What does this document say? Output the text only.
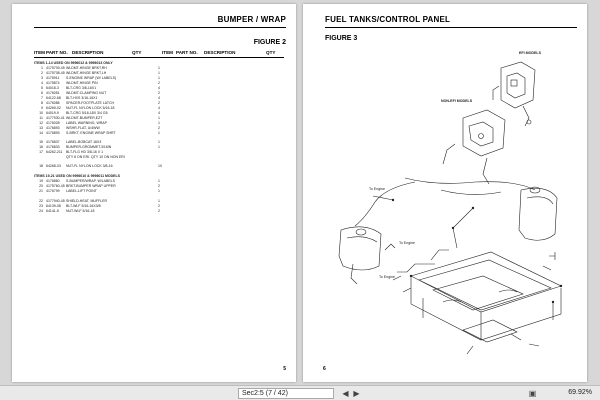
BUMPER / WRAP
FIGURE 2
ITEM PART NO. DESCRIPTION	QTY	ITEM PART NO. DESCRIPTION	QTY
ITEMS 1-14 USED ON 9996012 & 9996013 ONLY
1 4175709-45 WLDMT-HINGE BRKT,RH	1
2 4175708-45 WLDMT-HINGE BRKT,LH	1
3 4175911 S-ENGINE WRAP (W/ LABELS)	1
4 4175874 WLDMT-HINGE PIN	2
5 64018-3 BLT-CRG 3/8-16X1	4
6 4176051 WLDMT-CLAMPING NUT	2
7 64122-68 BLT-HXS 3/16-16X1	4
8 4176086 SPACER-FOOTPLATE LATCH	2
9 64269-02 NUT-FL NYLON LOCK 5/16-18	4
10 64019-9 BLT-CRG 5/16-18X 3/4 G5	4
11 4177930-41 WLDMT-BUMPER,EZT	1
12 4176028 LABEL WARNING, WRAP	1
13 4176893 WSHR-FLAT, U/4WW	2
14 4176893 S-BRKT, ENGINE WRAP SHRT	1
15 4176837 LABEL-BOBCAT 16X3	1
16 4176833 BUMPER-GROMMET,3/16IN	1
17 64262-211 BLT-FLG HD 3/8-16 X 1
QTY 6 ON ERI. QTY 10 ON NON ERI
18 64268-03 NUT-FL NYLON LOCK 3/8-16	10
ITEMS 19-21 USED ON 9996010 & 9996011 MODELS
19 4176860 S-BUMPER/WRAP, W/LABELS	1
20 4175760-45 BRKT-BUMPER WRAP UPPER	2
21 4176799 LABEL-LIFT POINT	1
22 4177940-45 SHIELD-HEAT, MUFFLER	1
23 64139-08 BLT-WLF 5/16-16X3/8	2
24 64141-5 NUT-WLF 5/16-18	2
5
FUEL TANKS/CONTROL PANEL
FIGURE 3
EFI MODELS
NON-EFI MODELS
To Engine
To Engine
To Engine
6
Sec2:5 (7 / 42)	◀ ▶	▣	69.92%
